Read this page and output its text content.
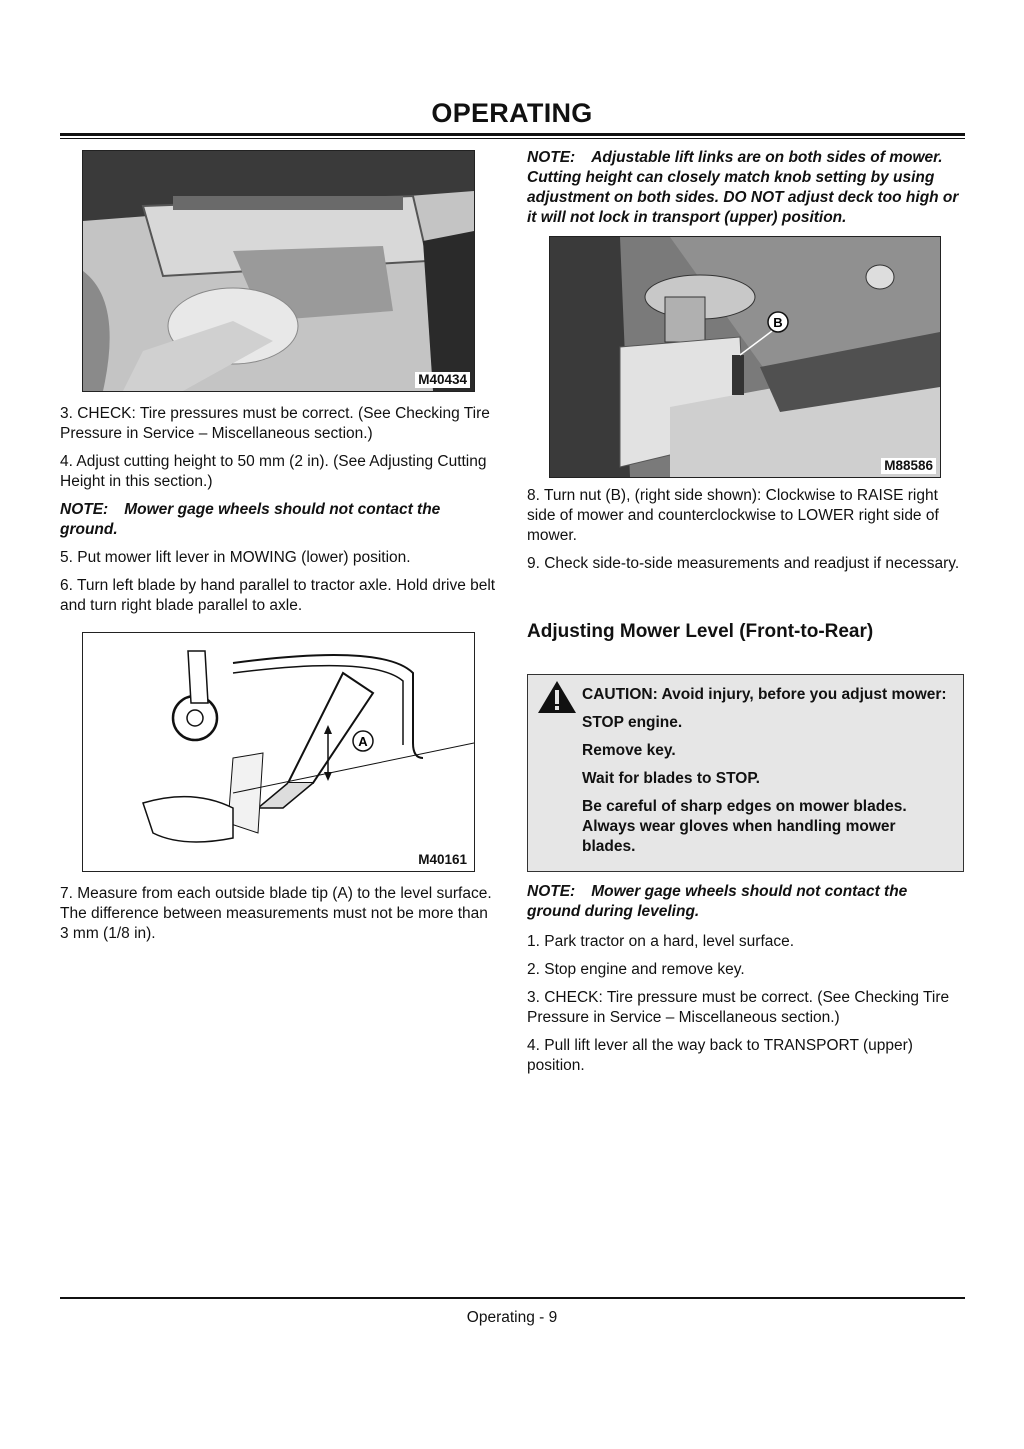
OPERATING
M40434

3. CHECK: Tire pressures must be correct. (See Checking Tire Pressure in Service – Miscellaneous section.)

4. Adjust cutting height to 50 mm (2 in). (See Adjusting Cutting Height in this section.)

NOTE: Mower gage wheels should not contact the ground.

5. Put mower lift lever in MOWING (lower) position.

6. Turn left blade by hand parallel to tractor axle. Hold drive belt and turn right blade parallel to axle.

A
M40161

7. Measure from each outside blade tip (A) to the level surface. The difference between measurements must not be more than 3 mm (1/8 in).

NOTE: Adjustable lift links are on both sides of mower. Cutting height can closely match knob setting by using adjustment on both sides. DO NOT adjust deck too high or it will not lock in transport (upper) position.

B
M88586

8. Turn nut (B), (right side shown): Clockwise to RAISE right side of mower and counterclockwise to LOWER right side of mower.

9. Check side-to-side measurements and readjust if necessary.

Adjusting Mower Level (Front-to-Rear)

CAUTION: Avoid injury, before you adjust mower:

STOP engine.

Remove key.

Wait for blades to STOP.

Be careful of sharp edges on mower blades. Always wear gloves when handling mower blades.

NOTE: Mower gage wheels should not contact the ground during leveling.

1. Park tractor on a hard, level surface.

2. Stop engine and remove key.

3. CHECK: Tire pressure must be correct. (See Checking Tire Pressure in Service – Miscellaneous section.)

4. Pull lift lever all the way back to TRANSPORT (upper) position.

Operating - 9
